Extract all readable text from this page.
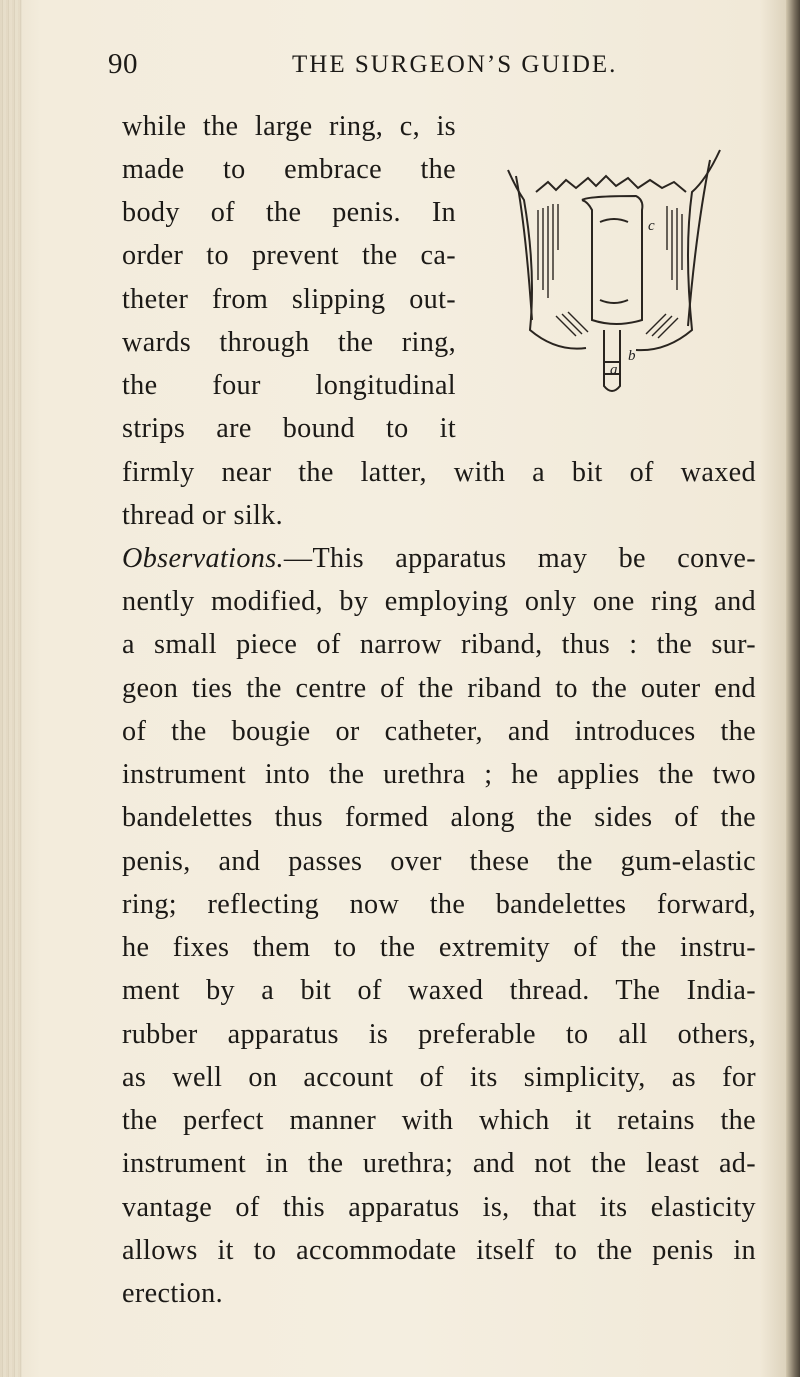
90	THE SURGEON’S GUIDE.
c
b
a
while the large ring, c, is
made to embrace the
body of the penis. In
order to prevent the ca-
theter from slipping out-
wards through the ring,
the four longitudinal
strips are bound to it
firmly near the latter, with a bit of waxed
thread or silk.
Observations.—This apparatus may be conve-
nently modified, by employing only one ring and
a small piece of narrow riband, thus : the sur-
geon ties the centre of the riband to the outer end
of the bougie or catheter, and introduces the
instrument into the urethra ; he applies the two
bandelettes thus formed along the sides of the
penis, and passes over these the gum-elastic
ring; reflecting now the bandelettes forward,
he fixes them to the extremity of the instru-
ment by a bit of waxed thread. The India-
rubber apparatus is preferable to all others,
as well on account of its simplicity, as for
the perfect manner with which it retains the
instrument in the urethra; and not the least ad-
vantage of this apparatus is, that its elasticity
allows it to accommodate itself to the penis in
erection.
